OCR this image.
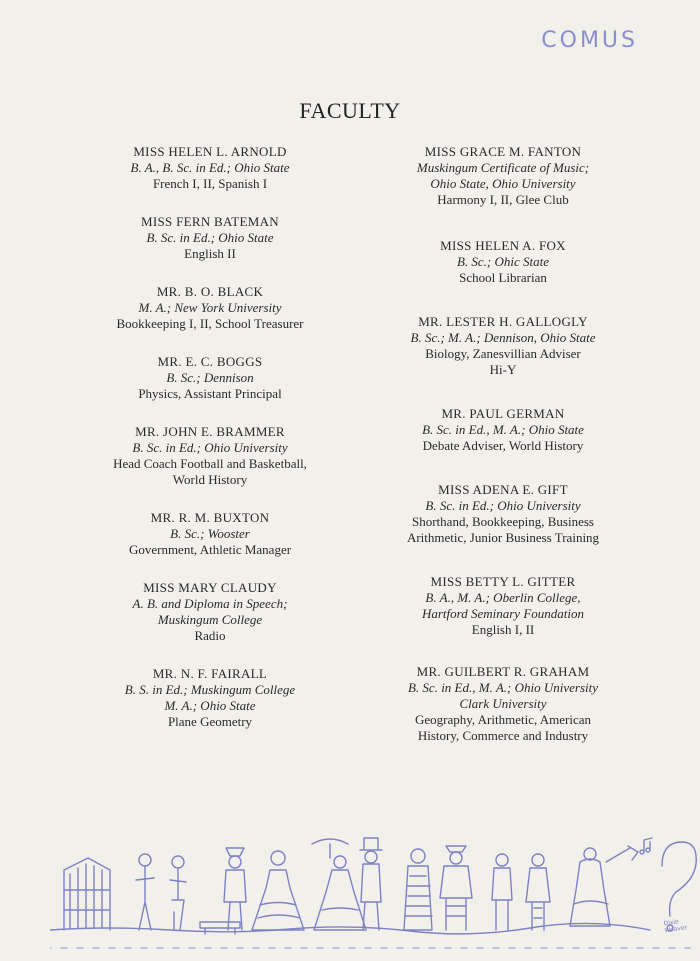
COMUS
FACULTY
MISS HELEN L. ARNOLD
B. A., B. Sc. in Ed.; Ohio State
French I, II, Spanish I
MISS FERN BATEMAN
B. Sc. in Ed.; Ohio State
English II
MR. B. O. BLACK
M. A.; New York University
Bookkeeping I, II, School Treasurer
MR. E. C. BOGGS
B. Sc.; Dennison
Physics, Assistant Principal
MR. JOHN E. BRAMMER
B. Sc. in Ed.; Ohio University
Head Coach Football and Basketball,
World History
MR. R. M. BUXTON
B. Sc.; Wooster
Government, Athletic Manager
MISS MARY CLAUDY
A. B. and Diploma in Speech;
Muskingum College
Radio
MR. N. F. FAIRALL
B. S. in Ed.; Muskingum College
M. A.; Ohio State
Plane Geometry
MISS GRACE M. FANTON
Muskingum Certificate of Music;
Ohio State, Ohio University
Harmony I, II, Glee Club
MISS HELEN A. FOX
B. Sc.; Ohic State
School Librarian
MR. LESTER H. GALLOGLY
B. Sc.; M. A.; Dennison, Ohio State
Biology, Zanesvillian Adviser
Hi-Y
MR. PAUL GERMAN
B. Sc. in Ed., M. A.; Ohio State
Debate Adviser, World History
MISS ADENA E. GIFT
B. Sc. in Ed.; Ohio University
Shorthand, Bookkeeping, Business
Arithmetic, Junior Business Training
MISS BETTY L. GITTER
B. A., M. A.; Oberlin College,
Hartford Seminary Foundation
English I, II
MR. GUILBERT R. GRAHAM
B. Sc. in Ed., M. A.; Ohio University
Clark University
Geography, Arithmetic, American
History, Commerce and Industry
Dixie Weaver
